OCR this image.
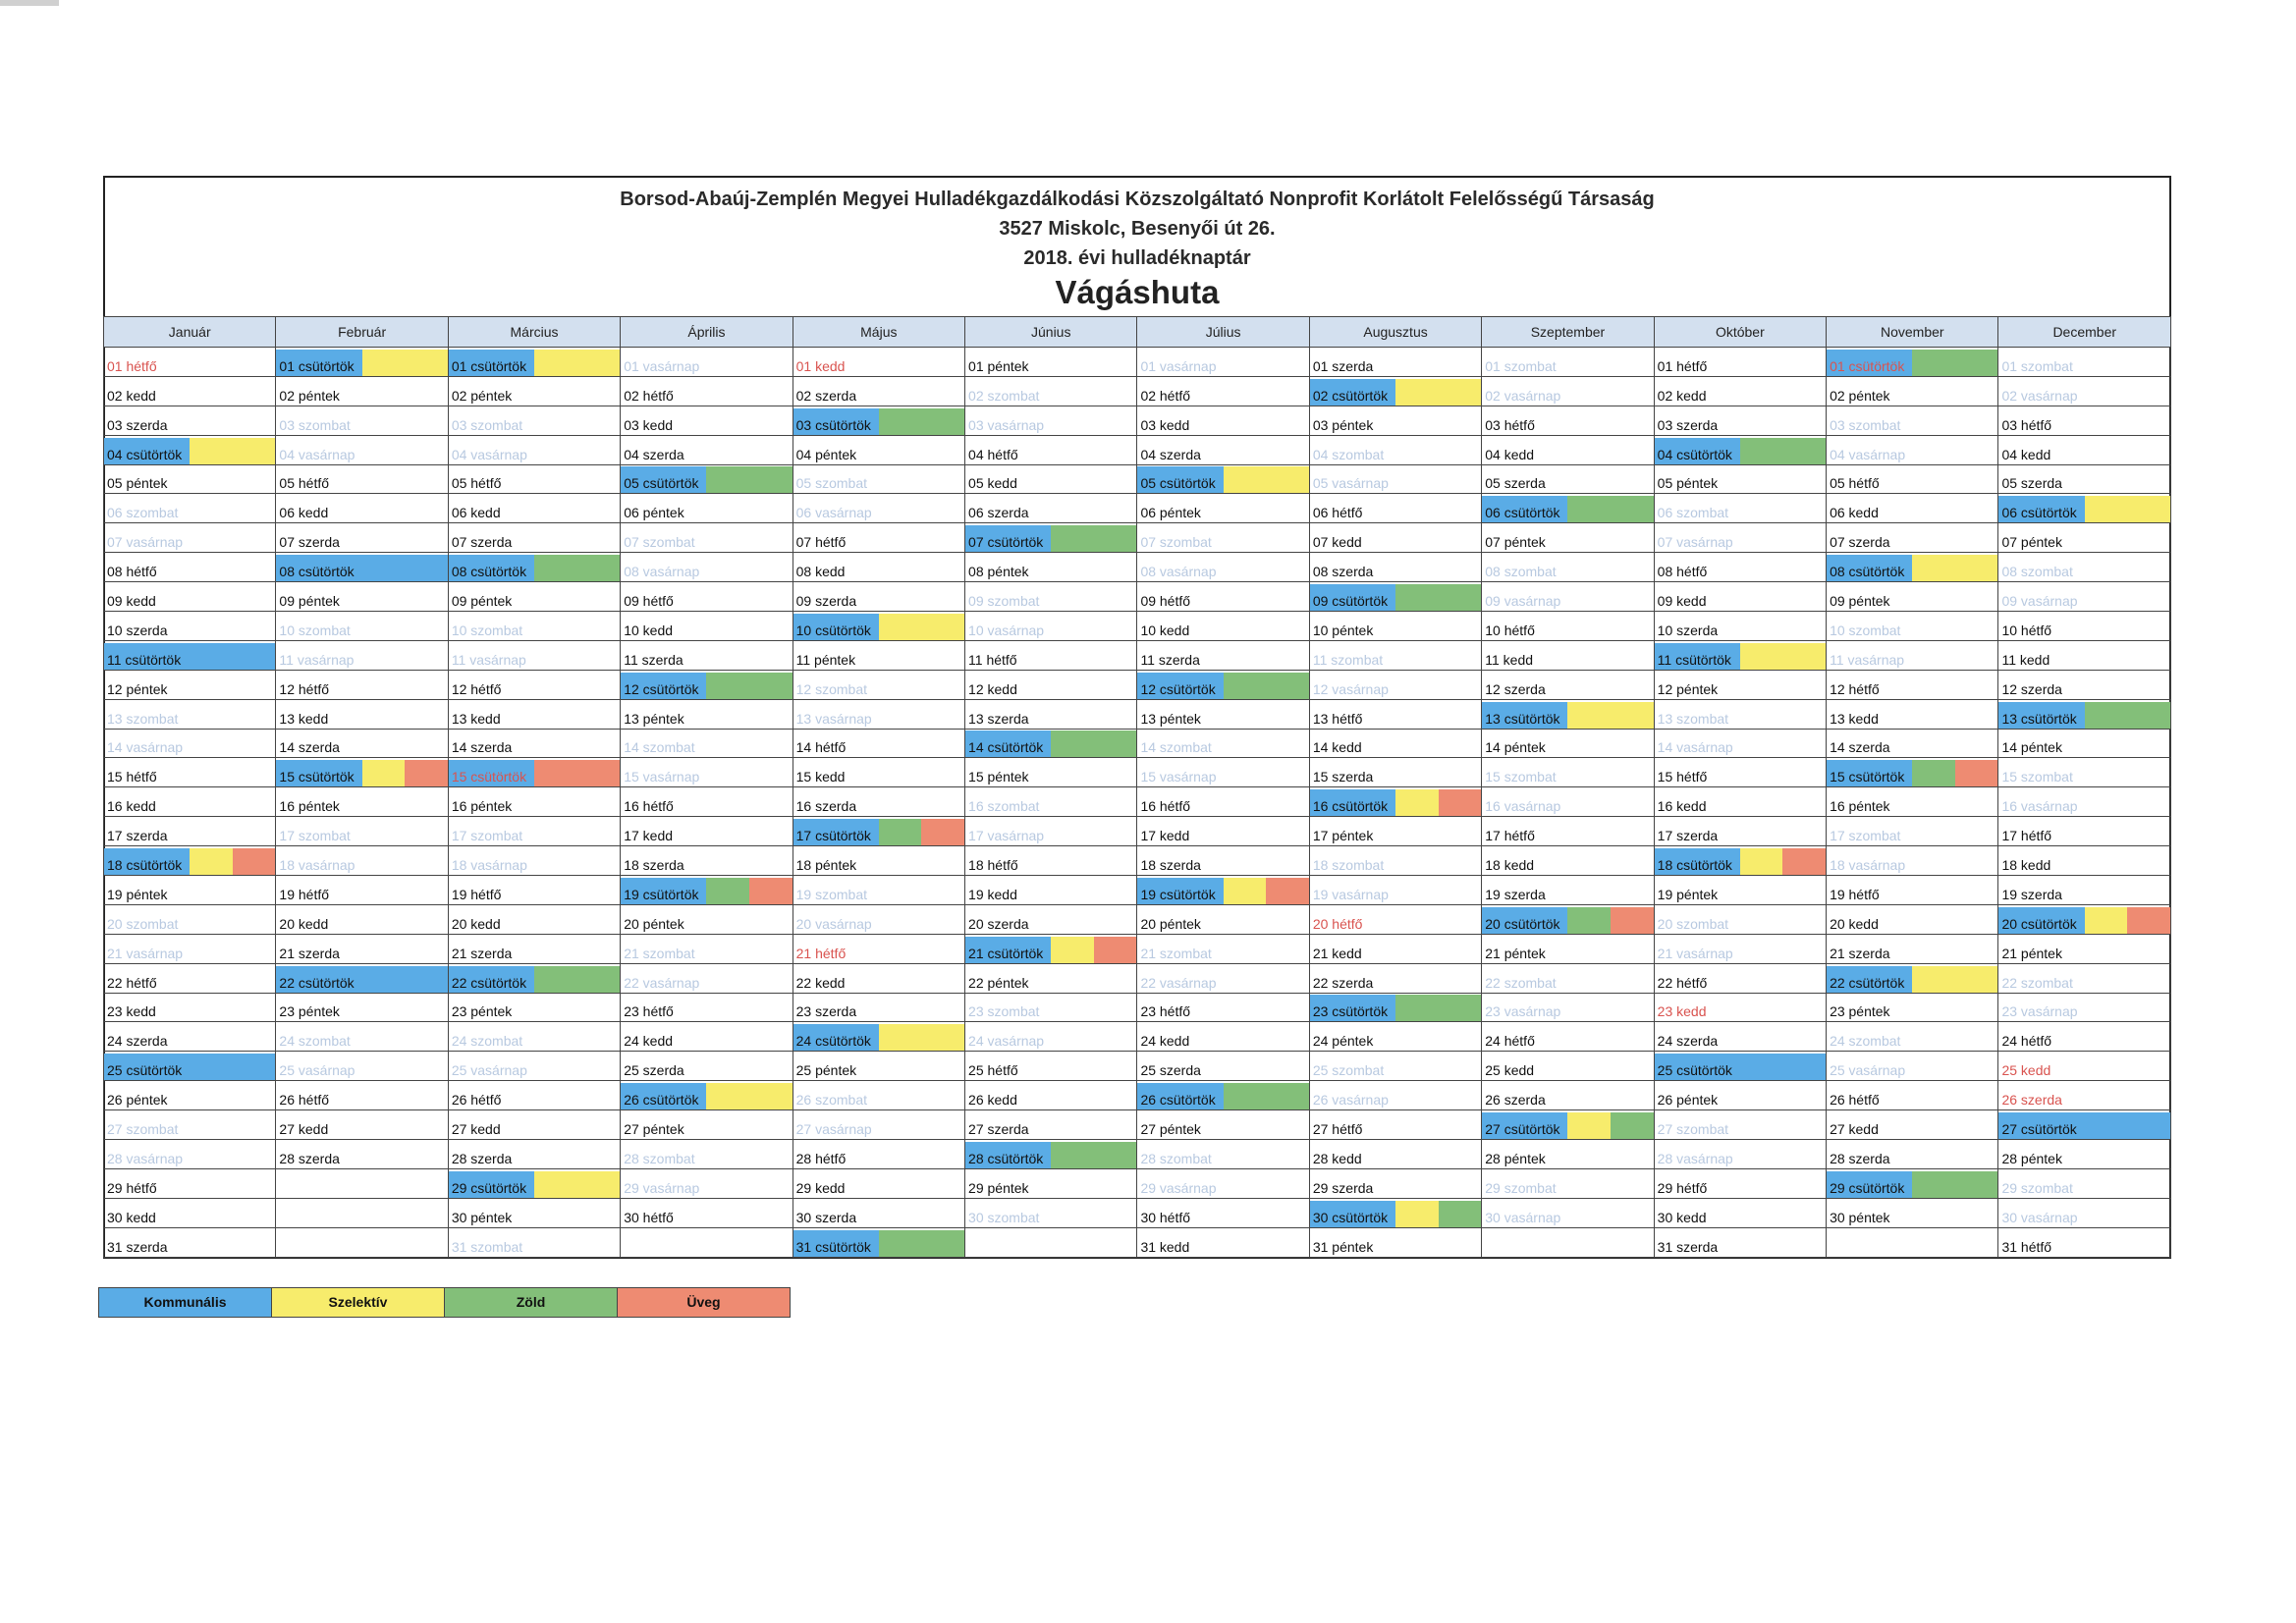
Borsod-Abaúj-Zemplén Megyei Hulladékgazdálkodási Közszolgáltató Nonprofit Korlátolt Felelősségű Társaság
3527 Miskolc, Besenyői út 26.
2018. évi hulladéknaptár
Vágáshuta
Január	Február	Március	Április	Május	Június	Július	Augusztus	Szeptember	Október	November	December

01 hétfő	01 csütörtök	01 csütörtök	01 vasárnap	01 kedd	01 péntek	01 vasárnap	01 szerda	01 szombat	01 hétfő	01 csütörtök	01 szombat

02 kedd	02 péntek	02 péntek	02 hétfő	02 szerda	02 szombat	02 hétfő	02 csütörtök	02 vasárnap	02 kedd	02 péntek	02 vasárnap

03 szerda	03 szombat	03 szombat	03 kedd	03 csütörtök	03 vasárnap	03 kedd	03 péntek	03 hétfő	03 szerda	03 szombat	03 hétfő

04 csütörtök	04 vasárnap	04 vasárnap	04 szerda	04 péntek	04 hétfő	04 szerda	04 szombat	04 kedd	04 csütörtök	04 vasárnap	04 kedd

05 péntek	05 hétfő	05 hétfő	05 csütörtök	05 szombat	05 kedd	05 csütörtök	05 vasárnap	05 szerda	05 péntek	05 hétfő	05 szerda

06 szombat	06 kedd	06 kedd	06 péntek	06 vasárnap	06 szerda	06 péntek	06 hétfő	06 csütörtök	06 szombat	06 kedd	06 csütörtök

07 vasárnap	07 szerda	07 szerda	07 szombat	07 hétfő	07 csütörtök	07 szombat	07 kedd	07 péntek	07 vasárnap	07 szerda	07 péntek

08 hétfő	08 csütörtök	08 csütörtök	08 vasárnap	08 kedd	08 péntek	08 vasárnap	08 szerda	08 szombat	08 hétfő	08 csütörtök	08 szombat

09 kedd	09 péntek	09 péntek	09 hétfő	09 szerda	09 szombat	09 hétfő	09 csütörtök	09 vasárnap	09 kedd	09 péntek	09 vasárnap

10 szerda	10 szombat	10 szombat	10 kedd	10 csütörtök	10 vasárnap	10 kedd	10 péntek	10 hétfő	10 szerda	10 szombat	10 hétfő

11 csütörtök	11 vasárnap	11 vasárnap	11 szerda	11 péntek	11 hétfő	11 szerda	11 szombat	11 kedd	11 csütörtök	11 vasárnap	11 kedd

12 péntek	12 hétfő	12 hétfő	12 csütörtök	12 szombat	12 kedd	12 csütörtök	12 vasárnap	12 szerda	12 péntek	12 hétfő	12 szerda

13 szombat	13 kedd	13 kedd	13 péntek	13 vasárnap	13 szerda	13 péntek	13 hétfő	13 csütörtök	13 szombat	13 kedd	13 csütörtök

14 vasárnap	14 szerda	14 szerda	14 szombat	14 hétfő	14 csütörtök	14 szombat	14 kedd	14 péntek	14 vasárnap	14 szerda	14 péntek

15 hétfő	15 csütörtök	15 csütörtök	15 vasárnap	15 kedd	15 péntek	15 vasárnap	15 szerda	15 szombat	15 hétfő	15 csütörtök	15 szombat

16 kedd	16 péntek	16 péntek	16 hétfő	16 szerda	16 szombat	16 hétfő	16 csütörtök	16 vasárnap	16 kedd	16 péntek	16 vasárnap

17 szerda	17 szombat	17 szombat	17 kedd	17 csütörtök	17 vasárnap	17 kedd	17 péntek	17 hétfő	17 szerda	17 szombat	17 hétfő

18 csütörtök	18 vasárnap	18 vasárnap	18 szerda	18 péntek	18 hétfő	18 szerda	18 szombat	18 kedd	18 csütörtök	18 vasárnap	18 kedd

19 péntek	19 hétfő	19 hétfő	19 csütörtök	19 szombat	19 kedd	19 csütörtök	19 vasárnap	19 szerda	19 péntek	19 hétfő	19 szerda

20 szombat	20 kedd	20 kedd	20 péntek	20 vasárnap	20 szerda	20 péntek	20 hétfő	20 csütörtök	20 szombat	20 kedd	20 csütörtök

21 vasárnap	21 szerda	21 szerda	21 szombat	21 hétfő	21 csütörtök	21 szombat	21 kedd	21 péntek	21 vasárnap	21 szerda	21 péntek

22 hétfő	22 csütörtök	22 csütörtök	22 vasárnap	22 kedd	22 péntek	22 vasárnap	22 szerda	22 szombat	22 hétfő	22 csütörtök	22 szombat

23 kedd	23 péntek	23 péntek	23 hétfő	23 szerda	23 szombat	23 hétfő	23 csütörtök	23 vasárnap	23 kedd	23 péntek	23 vasárnap

24 szerda	24 szombat	24 szombat	24 kedd	24 csütörtök	24 vasárnap	24 kedd	24 péntek	24 hétfő	24 szerda	24 szombat	24 hétfő

25 csütörtök	25 vasárnap	25 vasárnap	25 szerda	25 péntek	25 hétfő	25 szerda	25 szombat	25 kedd	25 csütörtök	25 vasárnap	25 kedd

26 péntek	26 hétfő	26 hétfő	26 csütörtök	26 szombat	26 kedd	26 csütörtök	26 vasárnap	26 szerda	26 péntek	26 hétfő	26 szerda

27 szombat	27 kedd	27 kedd	27 péntek	27 vasárnap	27 szerda	27 péntek	27 hétfő	27 csütörtök	27 szombat	27 kedd	27 csütörtök

28 vasárnap	28 szerda	28 szerda	28 szombat	28 hétfő	28 csütörtök	28 szombat	28 kedd	28 péntek	28 vasárnap	28 szerda	28 péntek

29 hétfő		29 csütörtök	29 vasárnap	29 kedd	29 péntek	29 vasárnap	29 szerda	29 szombat	29 hétfő	29 csütörtök	29 szombat

30 kedd		30 péntek	30 hétfő	30 szerda	30 szombat	30 hétfő	30 csütörtök	30 vasárnap	30 kedd	30 péntek	30 vasárnap

31 szerda		31 szombat		31 csütörtök		31 kedd	31 péntek		31 szerda		31 hétfő
Kommunális	Szelektív	Zöld	Üveg
